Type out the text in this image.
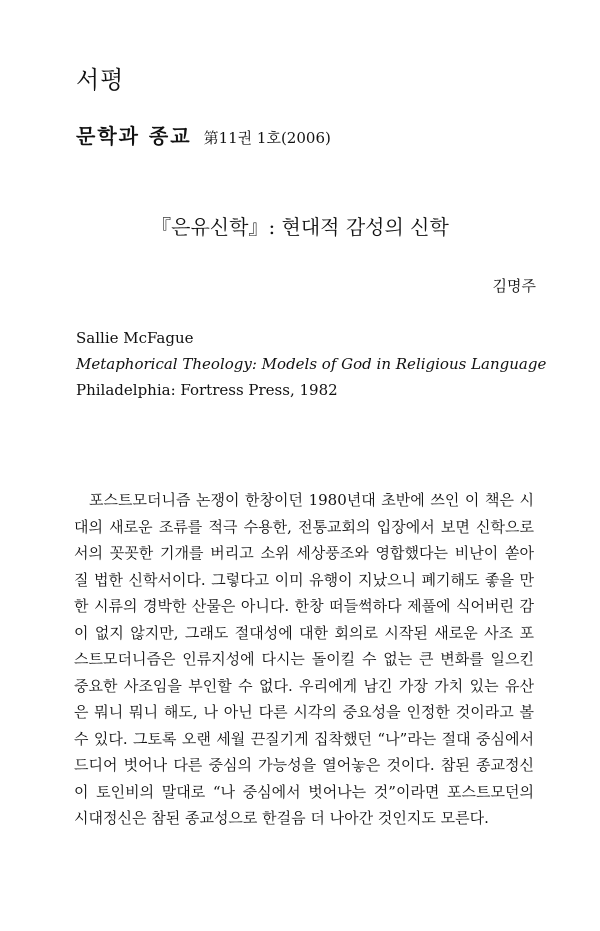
서평
문학과 종교 第11권 1호(2006)
『은유신학』: 현대적 감성의 신학
김명주
Sallie McFague
Metaphorical Theology: Models of God in Religious Language
Philadelphia: Fortress Press, 1982
포스트모더니즘 논쟁이 한창이던 1980년대 초반에 쓰인 이 책은 시
대의 새로운 조류를 적극 수용한, 전통교회의 입장에서 보면 신학으로
서의 꼿꼿한 기개를 버리고 소위 세상풍조와 영합했다는 비난이 쏟아
질 법한 신학서이다. 그렇다고 이미 유행이 지났으니 폐기해도 좋을 만
한 시류의 경박한 산물은 아니다. 한창 떠들썩하다 제풀에 식어버린 감
이 없지 않지만, 그래도 절대성에 대한 회의로 시작된 새로운 사조 포
스트모더니즘은 인류지성에 다시는 돌이킬 수 없는 큰 변화를 일으킨
중요한 사조임을 부인할 수 없다. 우리에게 남긴 가장 가치 있는 유산
은 뭐니 뭐니 해도, 나 아닌 다른 시각의 중요성을 인정한 것이라고 볼
수 있다. 그토록 오랜 세월 끈질기게 집착했던 “나”라는 절대 중심에서
드디어 벗어나 다른 중심의 가능성을 열어놓은 것이다. 참된 종교정신
이 토인비의 말대로 “나 중심에서 벗어나는 것”이라면 포스트모던의
시대정신은 참된 종교성으로 한걸음 더 나아간 것인지도 모른다.
